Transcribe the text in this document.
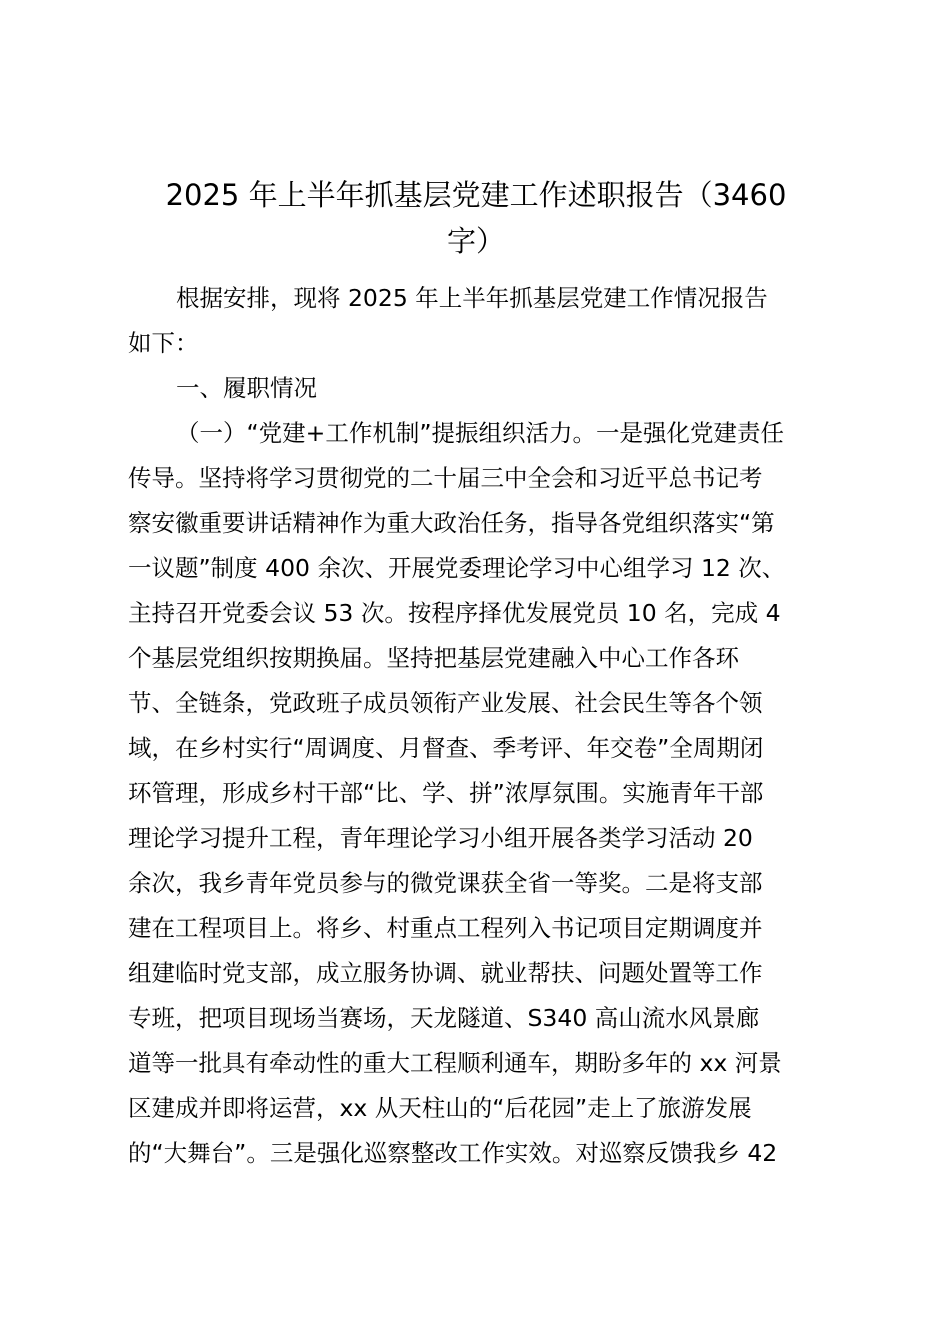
2025 年上半年抓基层党建工作述职报告（3460
字）
根据安排，现将 2025 年上半年抓基层党建工作情况报告
如下：
一、履职情况
（一）“党建+工作机制”提振组织活力。一是强化党建责任
传导。坚持将学习贯彻党的二十届三中全会和习近平总书记考
察安徽重要讲话精神作为重大政治任务，指导各党组织落实“第
一议题”制度 400 余次、开展党委理论学习中心组学习 12 次、
主持召开党委会议 53 次。按程序择优发展党员 10 名，完成 4
个基层党组织按期换届。坚持把基层党建融入中心工作各环
节、全链条，党政班子成员领衔产业发展、社会民生等各个领
域，在乡村实行“周调度、月督查、季考评、年交卷”全周期闭
环管理，形成乡村干部“比、学、拼”浓厚氛围。实施青年干部
理论学习提升工程，青年理论学习小组开展各类学习活动 20
余次，我乡青年党员参与的微党课获全省一等奖。二是将支部
建在工程项目上。将乡、村重点工程列入书记项目定期调度并
组建临时党支部，成立服务协调、就业帮扶、问题处置等工作
专班，把项目现场当赛场，天龙隧道、S340 高山流水风景廊
道等一批具有牵动性的重大工程顺利通车，期盼多年的 xx 河景
区建成并即将运营，xx 从天柱山的“后花园”走上了旅游发展
的“大舞台”。三是强化巡察整改工作实效。对巡察反馈我乡 42
